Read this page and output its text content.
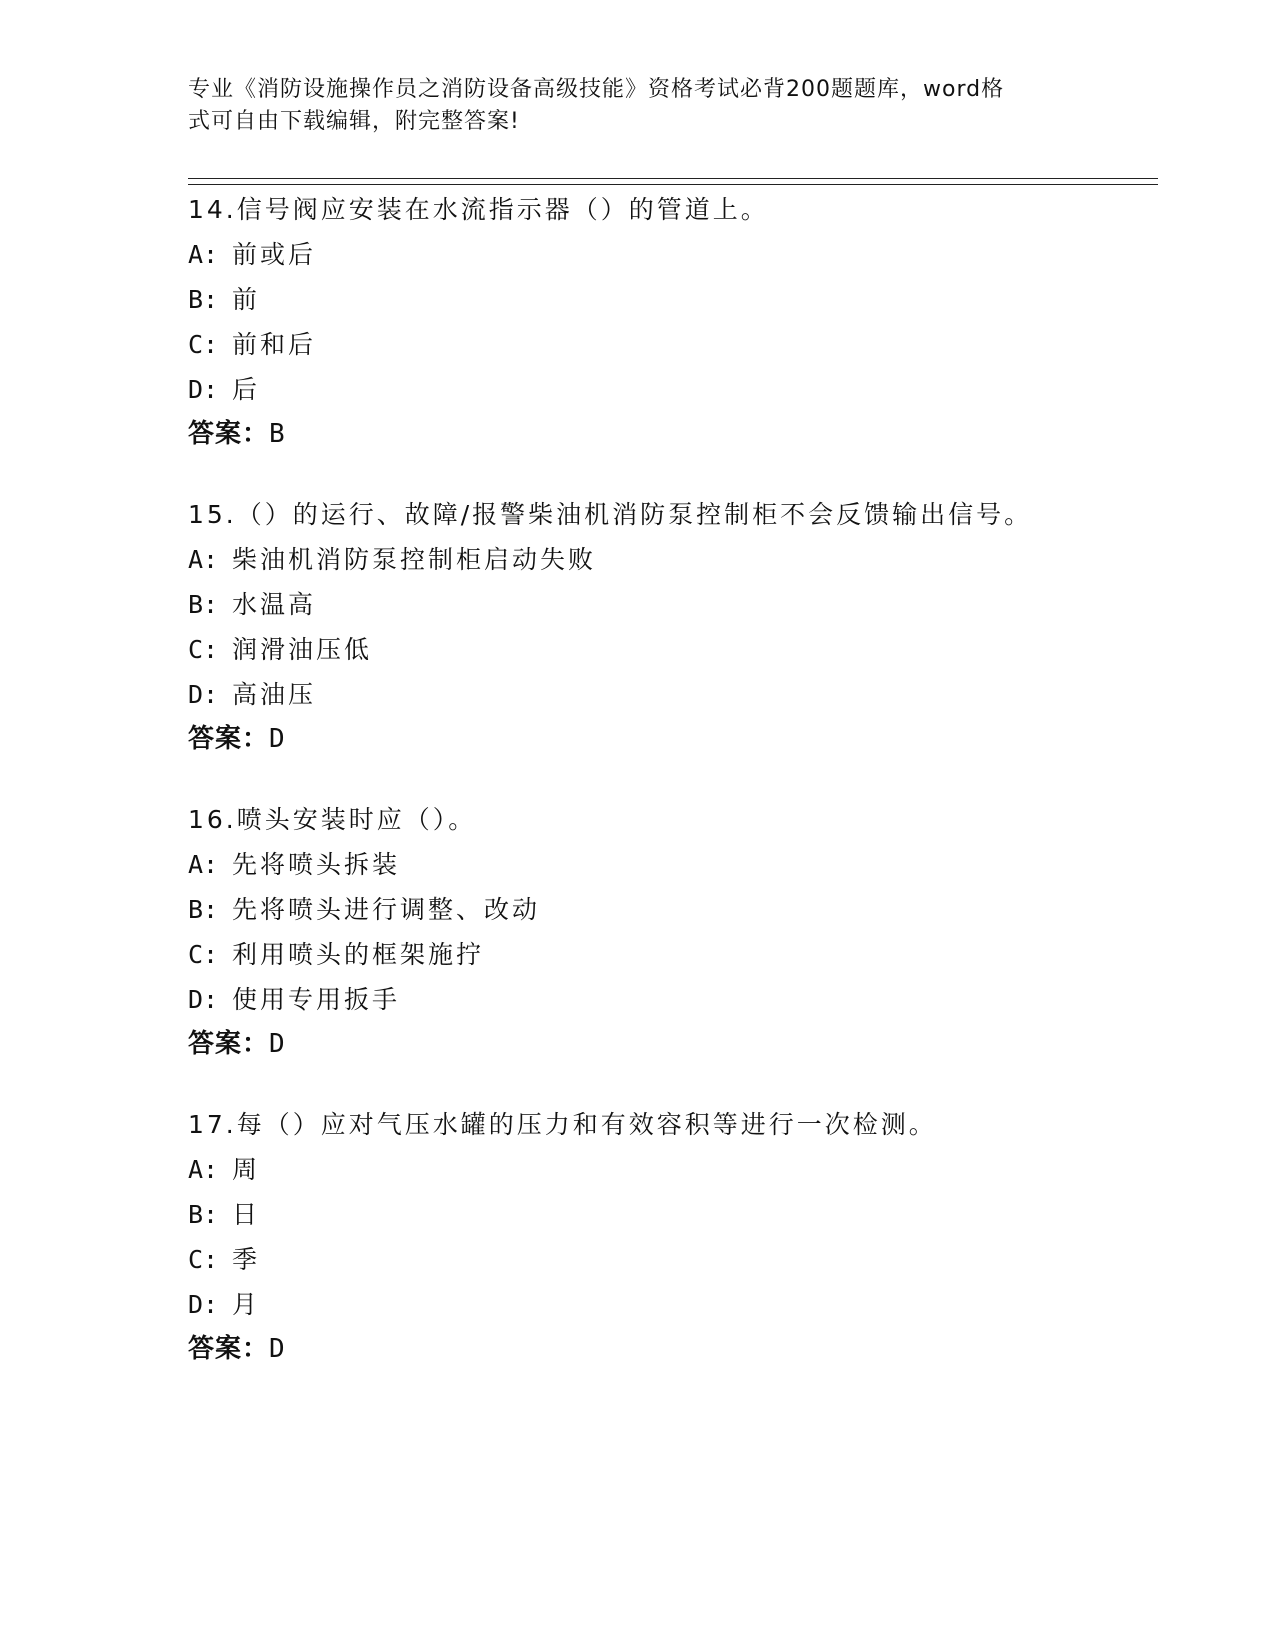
专业《消防设施操作员之消防设备高级技能》资格考试必背200题题库，word格
式可自由下载编辑，附完整答案!
14.信号阀应安装在水流指示器（）的管道上。
A: 前或后
B: 前
C: 前和后
D: 后
答案：B
15.（）的运行、故障/报警柴油机消防泵控制柜不会反馈输出信号。
A: 柴油机消防泵控制柜启动失败
B: 水温高
C: 润滑油压低
D: 高油压
答案：D
16.喷头安装时应（）。
A: 先将喷头拆装
B: 先将喷头进行调整、改动
C: 利用喷头的框架施拧
D: 使用专用扳手
答案：D
17.每（）应对气压水罐的压力和有效容积等进行一次检测。
A: 周
B: 日
C: 季
D: 月
答案：D
